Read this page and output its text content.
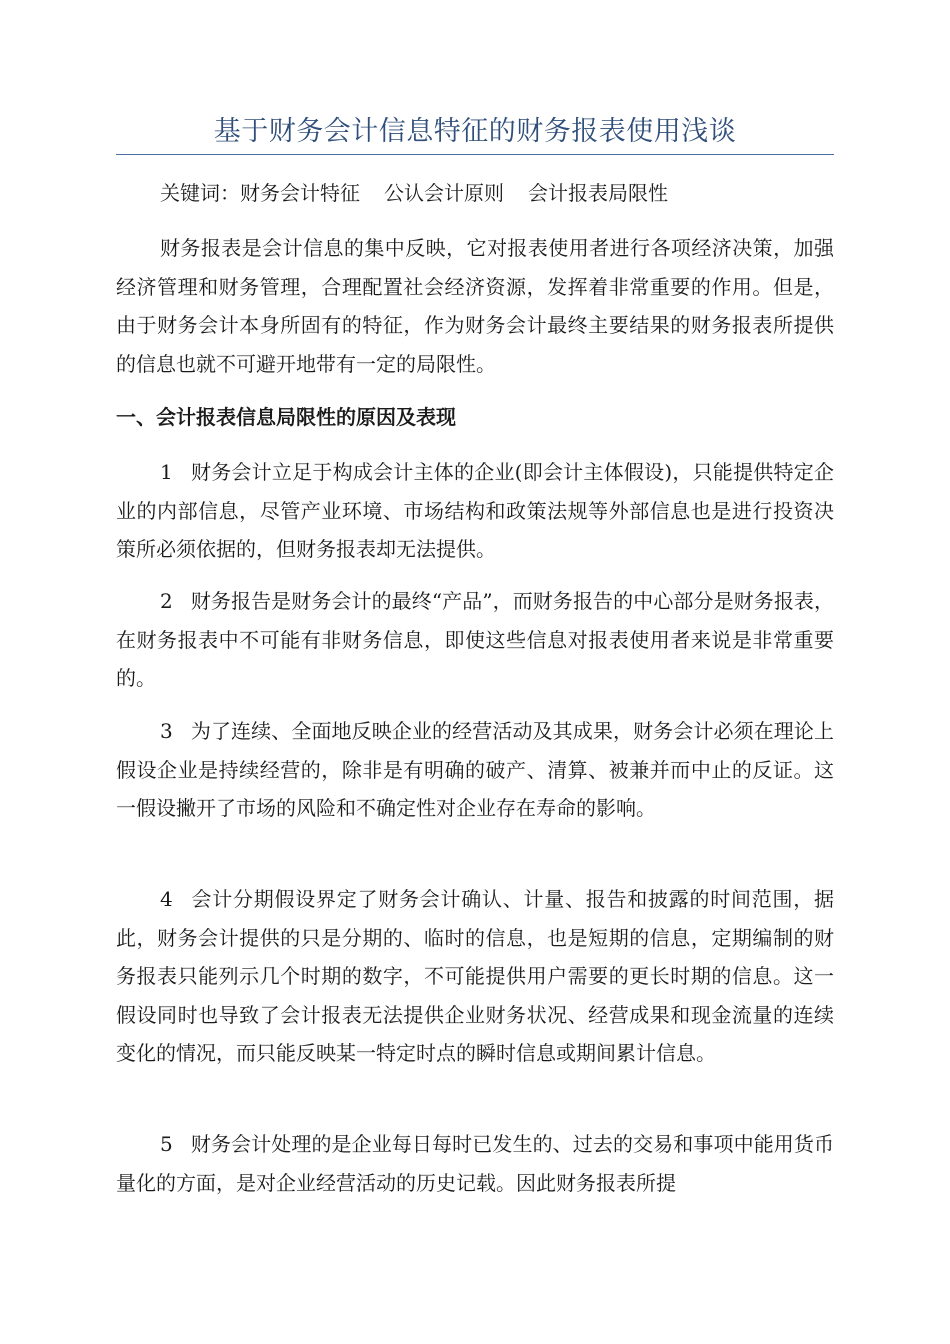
基于财务会计信息特征的财务报表使用浅谈

关键词：财务会计特征 公认会计原则 会计报表局限性

财务报表是会计信息的集中反映，它对报表使用者进行各项经济决策，加强经济管理和财务管理，合理配置社会经济资源，发挥着非常重要的作用。但是，由于财务会计本身所固有的特征，作为财务会计最终主要结果的财务报表所提供的信息也就不可避开地带有一定的局限性。

一、会计报表信息局限性的原因及表现

1 财务会计立足于构成会计主体的企业(即会计主体假设)，只能提供特定企业的内部信息，尽管产业环境、市场结构和政策法规等外部信息也是进行投资决策所必须依据的，但财务报表却无法提供。

2 财务报告是财务会计的最终“产品”，而财务报告的中心部分是财务报表，在财务报表中不可能有非财务信息，即使这些信息对报表使用者来说是非常重要的。

3 为了连续、全面地反映企业的经营活动及其成果，财务会计必须在理论上假设企业是持续经营的，除非是有明确的破产、清算、被兼并而中止的反证。这一假设撇开了市场的风险和不确定性对企业存在寿命的影响。

4 会计分期假设界定了财务会计确认、计量、报告和披露的时间范围，据此，财务会计提供的只是分期的、临时的信息，也是短期的信息，定期编制的财务报表只能列示几个时期的数字，不可能提供用户需要的更长时期的信息。这一假设同时也导致了会计报表无法提供企业财务状况、经营成果和现金流量的连续变化的情况，而只能反映某一特定时点的瞬时信息或期间累计信息。

5 财务会计处理的是企业每日每时已发生的、过去的交易和事项中能用货币量化的方面，是对企业经营活动的历史记载。因此财务报表所提
